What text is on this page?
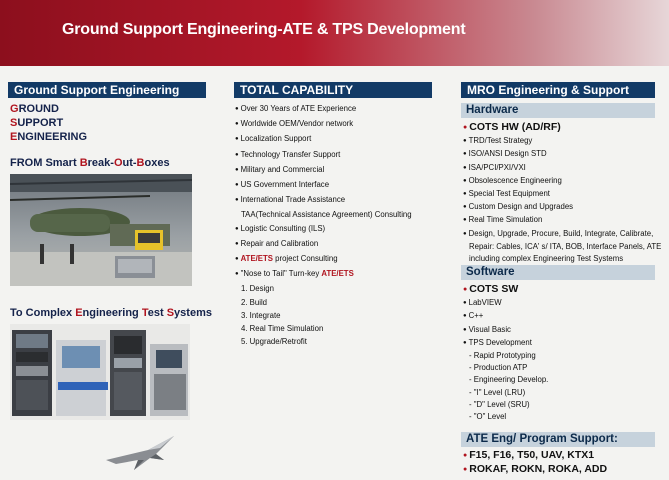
Ground Support Engineering-ATE & TPS Development
Ground Support Engineering
GROUND
SUPPORT
ENGINEERING
FROM Smart Break-Out-Boxes
To Complex Engineering Test Systems
TOTAL CAPABILITY
● Over 30 Years of ATE Experience
● Worldwide OEM/Vendor network
● Localization Support
● Technology Transfer Support
● Military and Commercial
● US Government Interface
● International Trade Assistance
TAA(Technical Assistance Agreement) Consulting
● Logistic Consulting (ILS)
● Repair and Calibration
● ATE/ETS project Consulting
● "Nose to Tail" Turn-key ATE/ETS
1. Design
2. Build
3. Integrate
4. Real Time Simulation
5. Upgrade/Retrofit
MRO Engineering & Support
Hardware
● COTS HW (AD/RF)
● TRD/Test Strategy
● ISO/ANSI Design STD
● ISA/PCI/PXI/VXI
● Obsolescence Engineering
● Special Test Equipment
● Custom Design and Upgrades
● Real Time Simulation
● Design, Upgrade, Procure, Build, Integrate, Calibrate,
Repair: Cables, ICA' s/ ITA, BOB, Interface Panels, ATE
including complex Engineering Test Systems
Software
● COTS SW
● LabVIEW
● C++
● Visual Basic
● TPS Development
- Rapid Prototyping
- Production ATP
- Engineering Develop.
- "I" Level (LRU)
- "D" Level (SRU)
- "O" Level
ATE Eng/ Program Support:
● F15, F16, T50, UAV, KTX1
● ROKAF, ROKN, ROKA, ADD
